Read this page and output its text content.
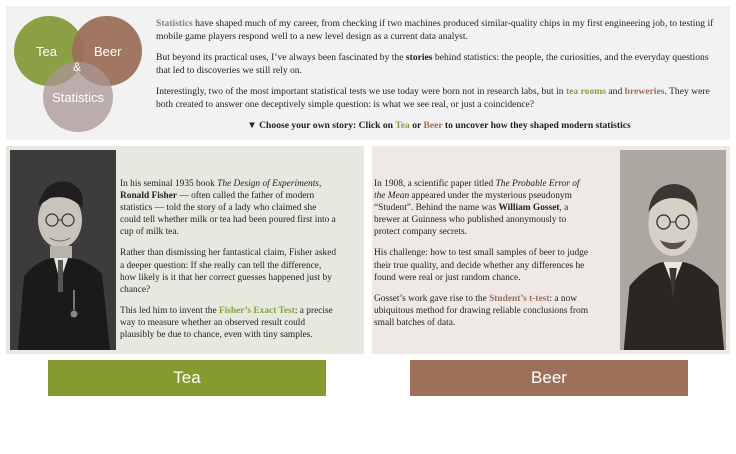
Tea	Beer
&
Statistics

Statistics have shaped much of my career, from checking if two machines produced similar-quality chips in my first engineering job, to testing if mobile game players respond well to a new level design as a current data analyst.

But beyond its practical uses, I’ve always been fascinated by the stories behind statistics: the people, the curiosities, and the everyday questions that led to discoveries we still rely on.

Interestingly, two of the most important statistical tests we use today were born not in research labs, but in tea rooms and breweries. They were both created to answer one deceptively simple question: is what we see real, or just a coincidence?

▼ Choose your own story: Click on Tea or Beer to uncover how they shaped modern statistics

In his seminal 1935 book The Design of Experiments, Ronald Fisher — often called the father of modern statistics — told the story of a lady who claimed she could tell whether milk or tea had been poured first into a cup of milk tea.

Rather than dismissing her fantastical claim, Fisher asked a deeper question: If she really can tell the difference, how likely is it that her correct guesses happened just by chance?

This led him to invent the Fisher’s Exact Test: a precise way to measure whether an observed result could plausibly be due to chance, even with tiny samples.

In 1908, a scientific paper titled The Probable Error of the Mean appeared under the mysterious pseudonym “Student”. Behind the name was William Gosset, a brewer at Guinness who published anonymously to protect company secrets.

His challenge: how to test small samples of beer to judge their true quality, and decide whether any differences he found were real or just random chance.

Gosset’s work gave rise to the Student’s t-test: a now ubiquitous method for drawing reliable conclusions from small batches of data.

Tea	Beer
